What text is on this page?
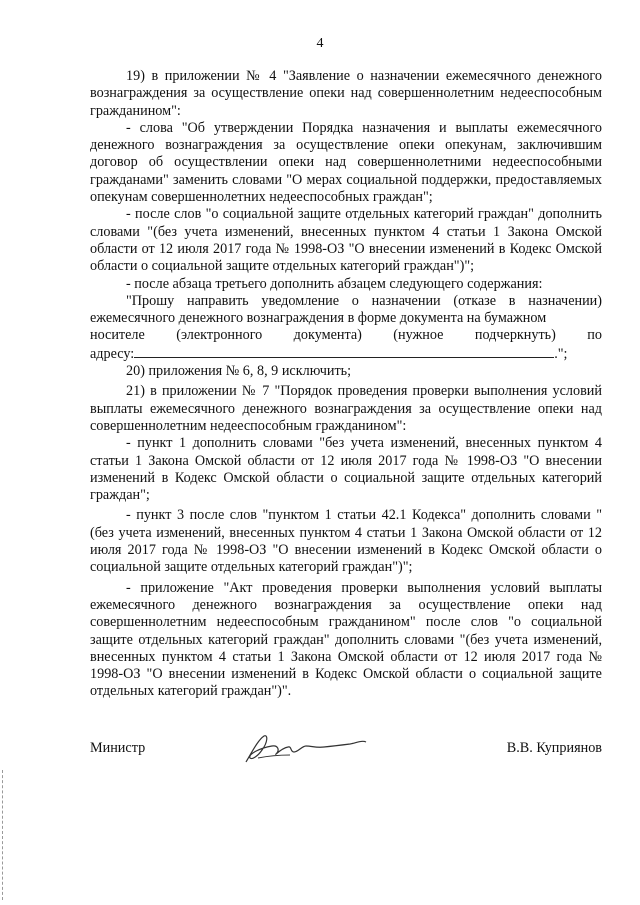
4

19) в приложении № 4 "Заявление о назначении ежемесячного денежного вознаграждения за осуществление опеки над совершеннолетним недееспособным гражданином":

- слова "Об утверждении Порядка назначения и выплаты ежемесячного денежного вознаграждения за осуществление опеки опекунам, заключившим договор об осуществлении опеки над совершеннолетними недееспособными гражданами" заменить словами "О мерах социальной поддержки, предоставляемых опекунам совершеннолетних недееспособных граждан";

- после слов "о социальной защите отдельных категорий граждан" дополнить словами "(без учета изменений, внесенных пунктом 4 статьи 1 Закона Омской области от 12 июля 2017 года № 1998-ОЗ "О внесении изменений в Кодекс Омской области о социальной защите отдельных категорий граждан")";

- после абзаца третьего дополнить абзацем следующего содержания:

"Прошу направить уведомление о назначении (отказе в назначении) ежемесячного денежного вознаграждения в форме документа на бумажном

носителе (электронного документа) (нужное подчеркнуть) по

адресу:	.";

20) приложения № 6, 8, 9 исключить;

21) в приложении № 7 "Порядок проведения проверки выполнения условий выплаты ежемесячного денежного вознаграждения за осуществление опеки над совершеннолетним недееспособным гражданином":

- пункт 1 дополнить словами "без учета изменений, внесенных пунктом 4 статьи 1 Закона Омской области от 12 июля 2017 года № 1998-ОЗ "О внесении изменений в Кодекс Омской области о социальной защите отдельных категорий граждан";

- пункт 3 после слов "пунктом 1 статьи 42.1 Кодекса" дополнить словами "(без учета изменений, внесенных пунктом 4 статьи 1 Закона Омской области от 12 июля 2017 года № 1998-ОЗ "О внесении изменений в Кодекс Омской области о социальной защите отдельных категорий граждан")";

- приложение "Акт проведения проверки выполнения условий выплаты ежемесячного денежного вознаграждения за осуществление опеки над совершеннолетним недееспособным гражданином" после слов "о социальной защите отдельных категорий граждан" дополнить словами "(без учета изменений, внесенных пунктом 4 статьи 1 Закона Омской области от 12 июля 2017 года № 1998-ОЗ "О внесении изменений в Кодекс Омской области о социальной защите отдельных категорий граждан")".

Министр	В.В. Куприянов
